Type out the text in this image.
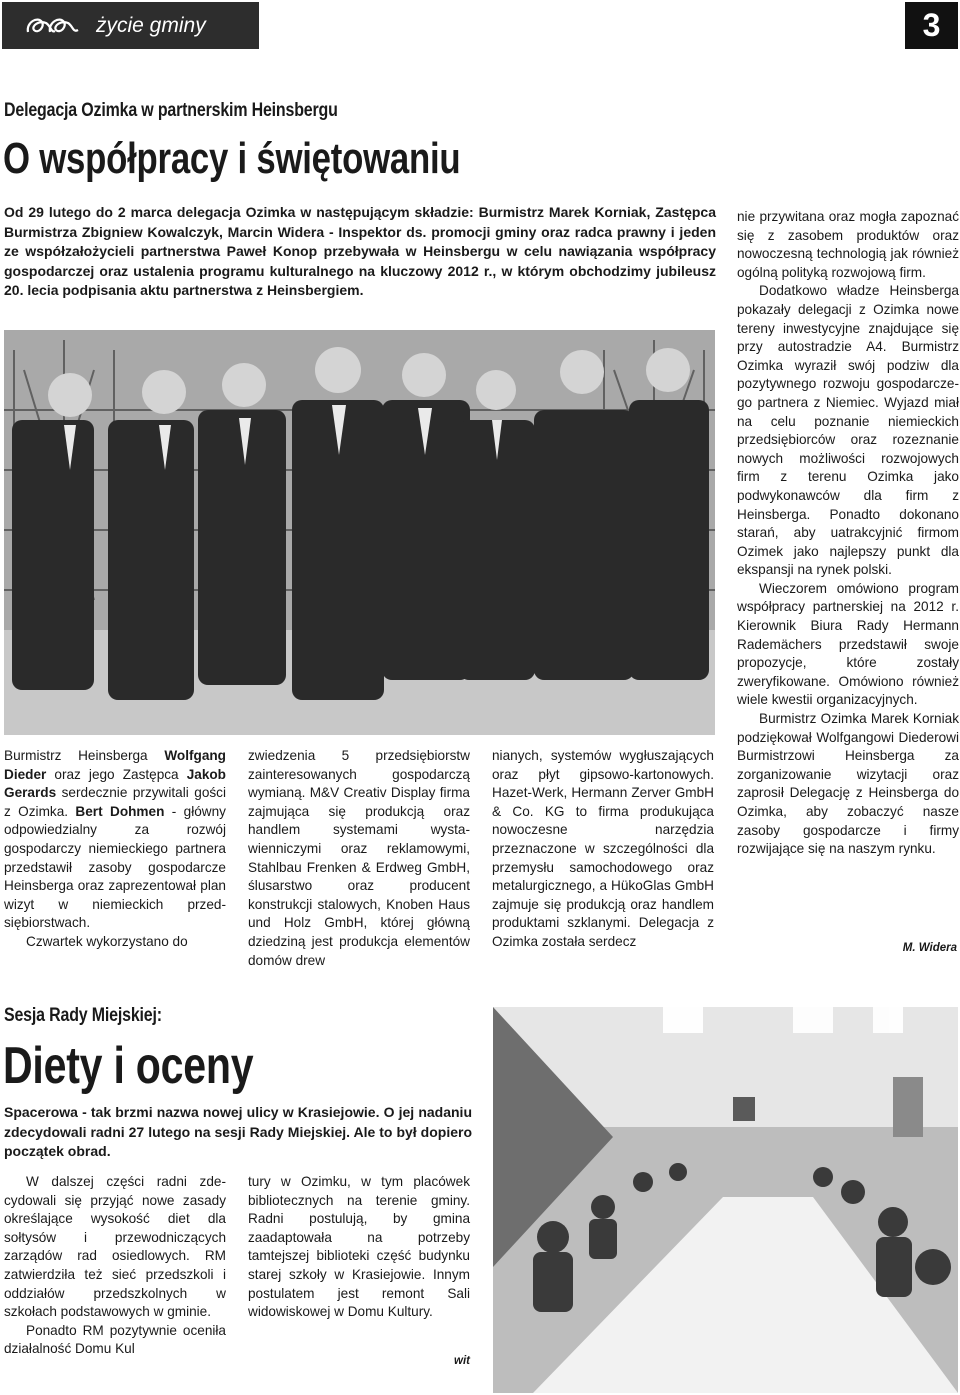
życie gminy	3
Delegacja Ozimka w partnerskim Heinsbergu
O współpracy i świętowaniu
Od 29 lutego do 2 marca delegacja Ozimka w następującym składzie: Burmistrz Marek Korniak, Zastępca Burmistrza Zbigniew Kowalczyk, Marcin Widera - Inspektor ds. promocji gminy oraz radca prawny i jeden ze współzałożycieli partnerstwa Paweł Konop przebywała w Heinsbergu w celu nawiązania współpracy gospodarczej oraz ustalenia programu kulturalnego na kluczowy 2012 r., w którym obchodzimy jubileusz 20. lecia podpisania aktu partnerstwa z Heinsbergiem.

Burmistrz Heinsberga Wolfgang Dieder oraz jego Zastępca Jakob Gerards serdecznie przywitali gości z Ozimka. Bert Dohmen - główny odpowiedzialny za rozwój gospodarczy niemieckiego partnera przedstawił zasoby gospodarcze Heinsberga oraz zaprezentował plan wizyt w niemieckich przedsiębiorstwach.

Czwartek wykorzystano do

zwiedzenia 5 przedsiębiorstw zainteresowanych gospodarczą wymianą. M&V Creativ Display firma zajmująca się produkcją oraz handlem systemami wystawienniczymi oraz reklamowymi, Stahlbau Frenken & Erdweg GmbH, ślusarstwo oraz producent konstrukcji stalowych, Knoben Haus und Holz GmbH, której główną dziedziną jest produkcja elementów domów drew
nianych, systemów wygłuszających oraz płyt gipsowo-kartonowych. Hazet-Werk, Hermann Zerver GmbH & Co. KG to firma produkująca nowoczesne narzędzia przeznaczone w szczególności dla przemysłu samochodowego oraz metalurgicznego, a HükoGlas GmbH zajmuje się produkcją oraz handlem produktami szklanymi. Delegacja z Ozimka została serdecz

nie przywitana oraz mogła zapoznać się z zasobem produktów oraz nowoczesną technologią jak również ogólną polityką rozwojową firm.

Dodatkowo władze Heinsberga pokazały delegacji z Ozimka nowe tereny inwestycyjne znajdujące się przy autostradzie A4. Burmistrz Ozimka wyraził swój podziw dla pozytywnego rozwoju gospodarczego partnera z Niemiec. Wyjazd miał na celu poznanie niemieckich przedsiębiorców oraz rozeznanie nowych możliwości rozwojowych firm z terenu Ozimka jako podwykonawców dla firm z Heinsberga. Ponadto dokonano starań, aby uatrakcyjnić firmom Ozimek jako najlepszy punkt dla ekspansji na rynek polski.

Wieczorem omówiono program współpracy partnerskiej na 2012 r. Kierownik Biura Rady Hermann Rademächers przedstawił swoje propozycje, które zostały zweryfikowane. Omówiono również wiele kwestii organizacyjnych.

Burmistrz Ozimka Marek Korniak podziękował Wolfgangowi Diederowi Burmistrzowi Heinsberga za zorganizowanie wizytacji oraz zaprosił Delegację z Heinsberga do Ozimka, aby zobaczyć nasze zasoby gospodarcze i firmy rozwijające się na naszym rynku.

M. Widera
Sesja Rady Miejskiej:
Diety i oceny
Spacerowa - tak brzmi nazwa nowej ulicy w Krasiejowie. O jej nadaniu zdecydowali radni 27 lutego na sesji Rady Miejskiej. Ale to był dopiero początek obrad.

W dalszej części radni zdecydowali się przyjąć nowe zasady określające wysokość diet dla sołtysów i przewodniczących zarządów rad osiedlowych. RM zatwierdziła też sieć przedszkoli i oddziałów przedszkolnych w szkołach podstawowych w gminie.

Ponadto RM pozytywnie oceniła działalność Domu Kul

tury w Ozimku, w tym placówek bibliotecznych na terenie gminy. Radni postulują, by gmina zaadaptowała na potrzeby tamtejszej biblioteki część budynku starej szkoły w Krasiejowie. Innym postulatem jest remont Sali widowiskowej w Domu Kultury.
wit
